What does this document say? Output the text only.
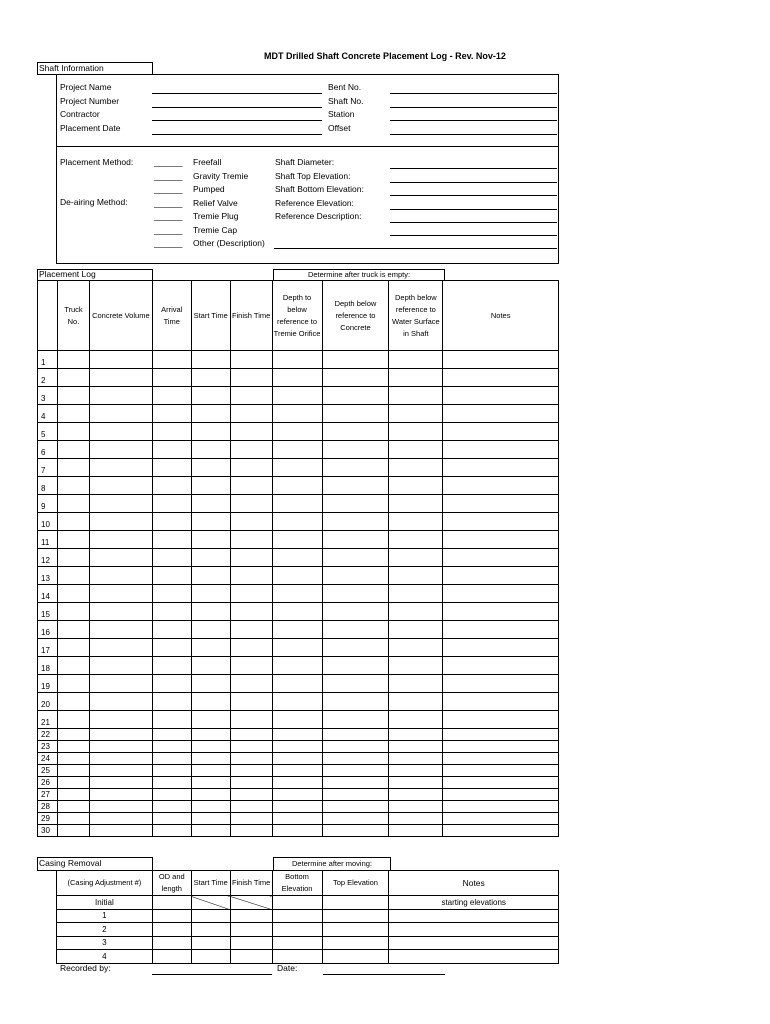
MDT Drilled Shaft Concrete Placement Log - Rev. Nov-12
Shaft Information
Project Name
Project Number
Contractor
Placement Date
Bent No.
Shaft No.
Station
Offset
Placement Method:
De-airing Method:
______ Freefall
______ Gravity Tremie
______ Pumped
______ Relief Valve
______ Tremie Plug
______ Tremie Cap
______ Other (Description)
Shaft Diameter:
Shaft Top Elevation:
Shaft Bottom Elevation:
Reference Elevation:
Reference Description:
Placement Log	Determine after truck is empty:
	Truck No.	Concrete Volume	Arrival Time	Start Time	Finish Time	Depth to below reference to Tremie Orifice	Depth below reference to Concrete	Depth below reference to Water Surface in Shaft	Notes
1									
2									
3									
4									
5									
6									
7									
8									
9									
10									
11									
12									
13									
14									
15									
16									
17									
18									
19									
20									
21									
22									
23									
24									
25									
26									
27									
28									
29									
30									
Casing Removal	Determine after moving:
(Casing Adjustment #)	OD and length	Start Time	Finish Time	Bottom Elevation	Top Elevation	Notes
Initial						starting elevations
1						
2						
3						
4						
Recorded by:	Date:
